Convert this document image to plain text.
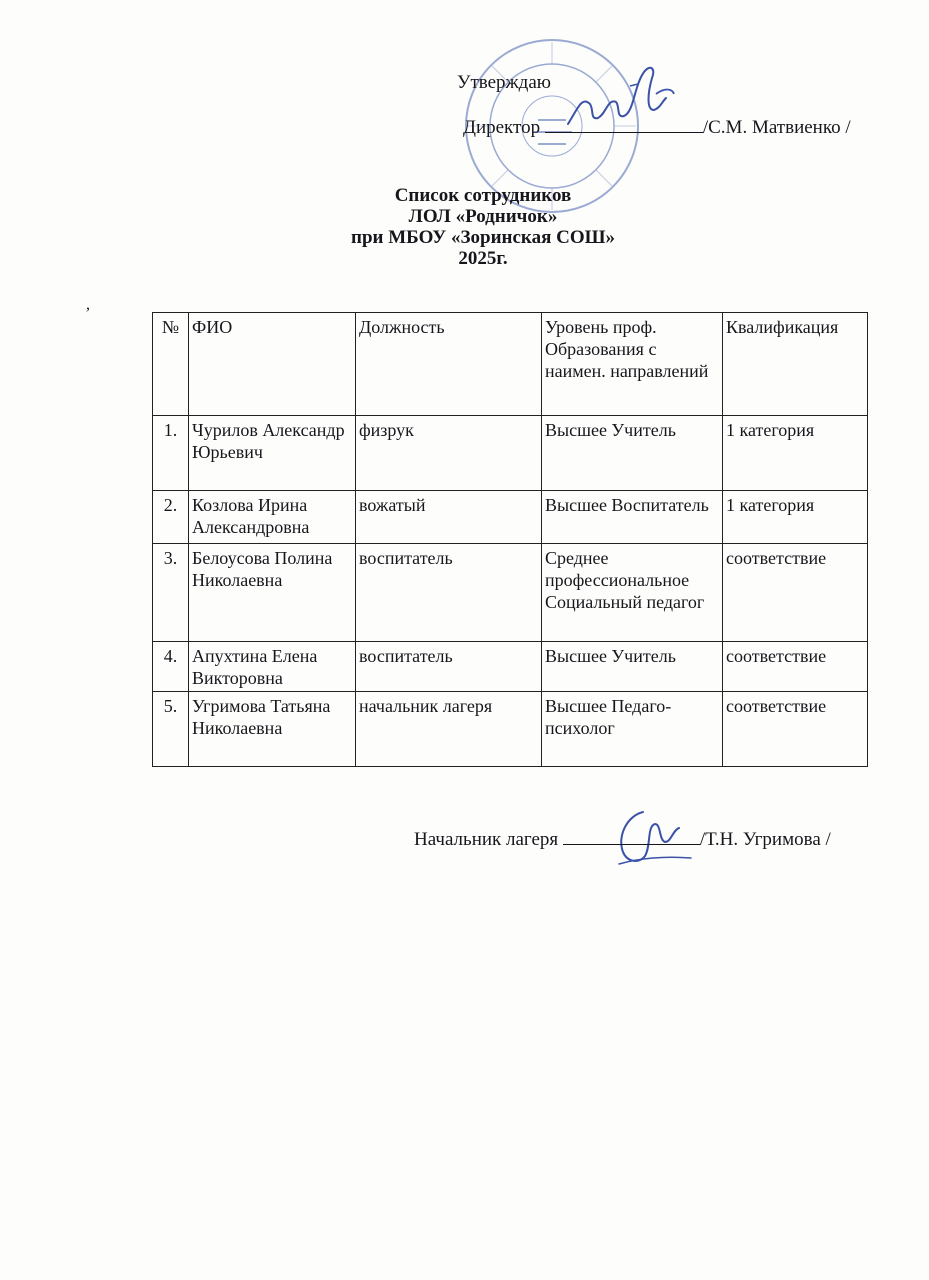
Утверждаю
Директор	/С.М. Матвиенко /
Список сотрудников
ЛОЛ «Родничок»
при МБОУ «Зоринская СОШ»
2025г.
,
№	ФИО	Должность	Уровень проф. Образования с наимен. направлений	Квалификация
1.	Чурилов Александр Юрьевич	физрук	Высшее Учитель	1 категория
2.	Козлова Ирина Александровна	вожатый	Высшее Воспитатель	1 категория
3.	Белоусова Полина Николаевна	воспитатель	Среднее профессиональное Социальный педагог	соответствие
4.	Апухтина Елена Викторовна	воспитатель	Высшее Учитель	соответствие
5.	Угримова Татьяна Николаевна	начальник лагеря	Высшее Педаго-психолог	соответствие
Начальник лагеря	/Т.Н. Угримова /
